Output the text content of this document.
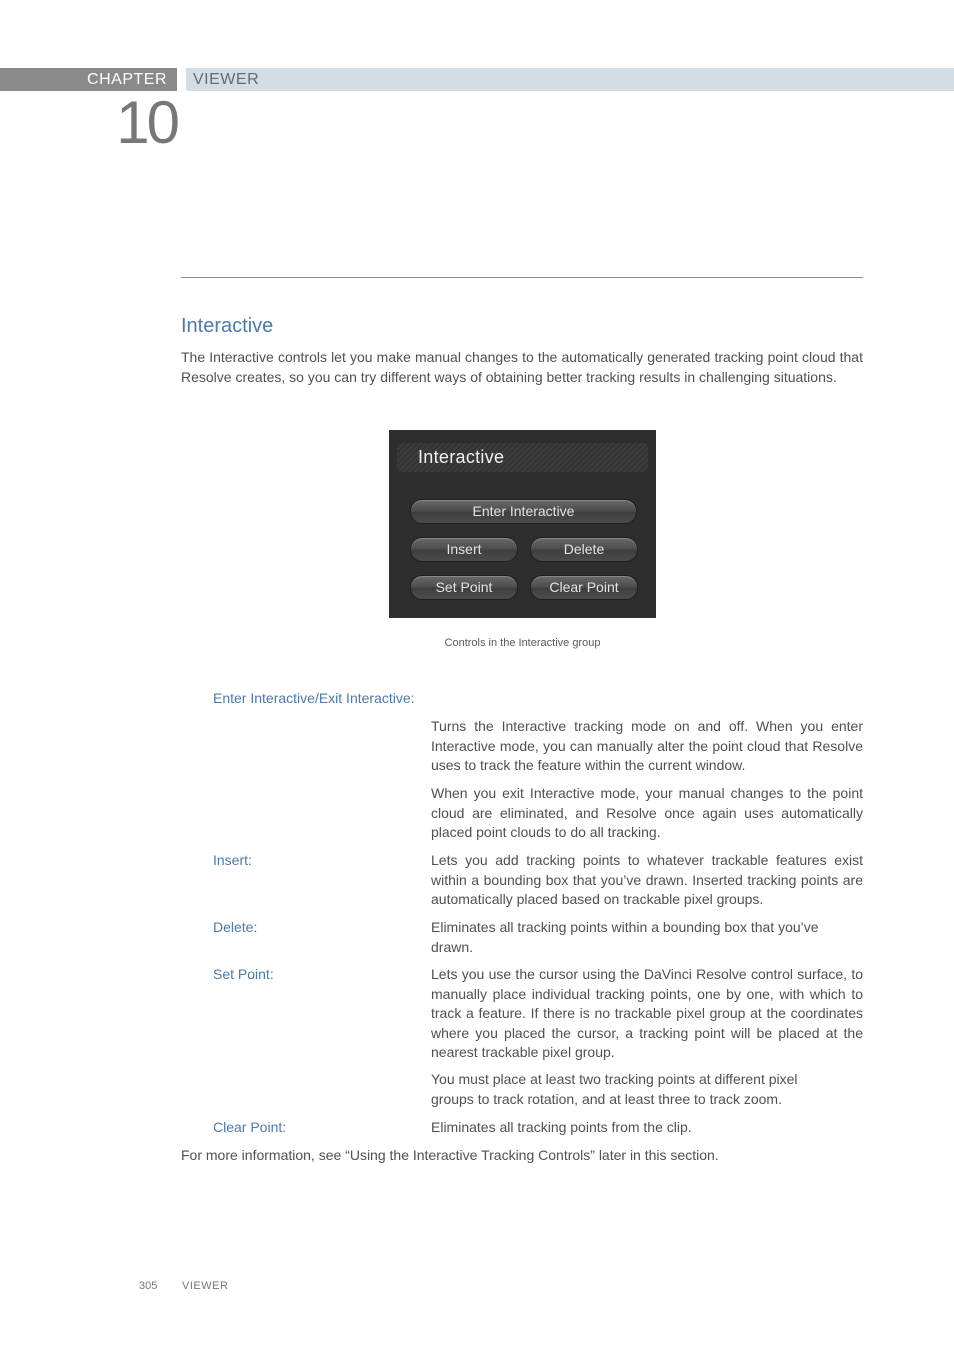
CHAPTER	VIEWER
10
Interactive
The Interactive controls let you make manual changes to the automatically generated tracking point cloud that Resolve creates, so you can try different ways of obtaining better tracking results in challenging situations.
Interactive
Enter Interactive
Insert	Delete
Set Point	Clear Point
Controls in the Interactive group
Enter Interactive/Exit Interactive:
Turns the Interactive tracking mode on and off. When you enter Interactive mode, you can manually alter the point cloud that Resolve uses to track the feature within the current window.
When you exit Interactive mode, your manual changes to the point cloud are eliminated, and Resolve once again uses automatically placed point clouds to do all tracking.
Insert:	Lets you add tracking points to whatever trackable features exist within a bounding box that you’ve drawn. Inserted tracking points are automatically placed based on trackable pixel groups.
Delete:	Eliminates all tracking points within a bounding box that you’ve drawn.
Set Point:	Lets you use the cursor using the DaVinci Resolve control surface, to manually place individual tracking points, one by one, with which to track a feature. If there is no trackable pixel group at the coordinates where you placed the cursor, a tracking point will be placed at the nearest trackable pixel group.
You must place at least two tracking points at different pixel groups to track rotation, and at least three to track zoom.
Clear Point:	Eliminates all tracking points from the clip.
For more information, see “Using the Interactive Tracking Controls” later in this section.
305 VIEWER
